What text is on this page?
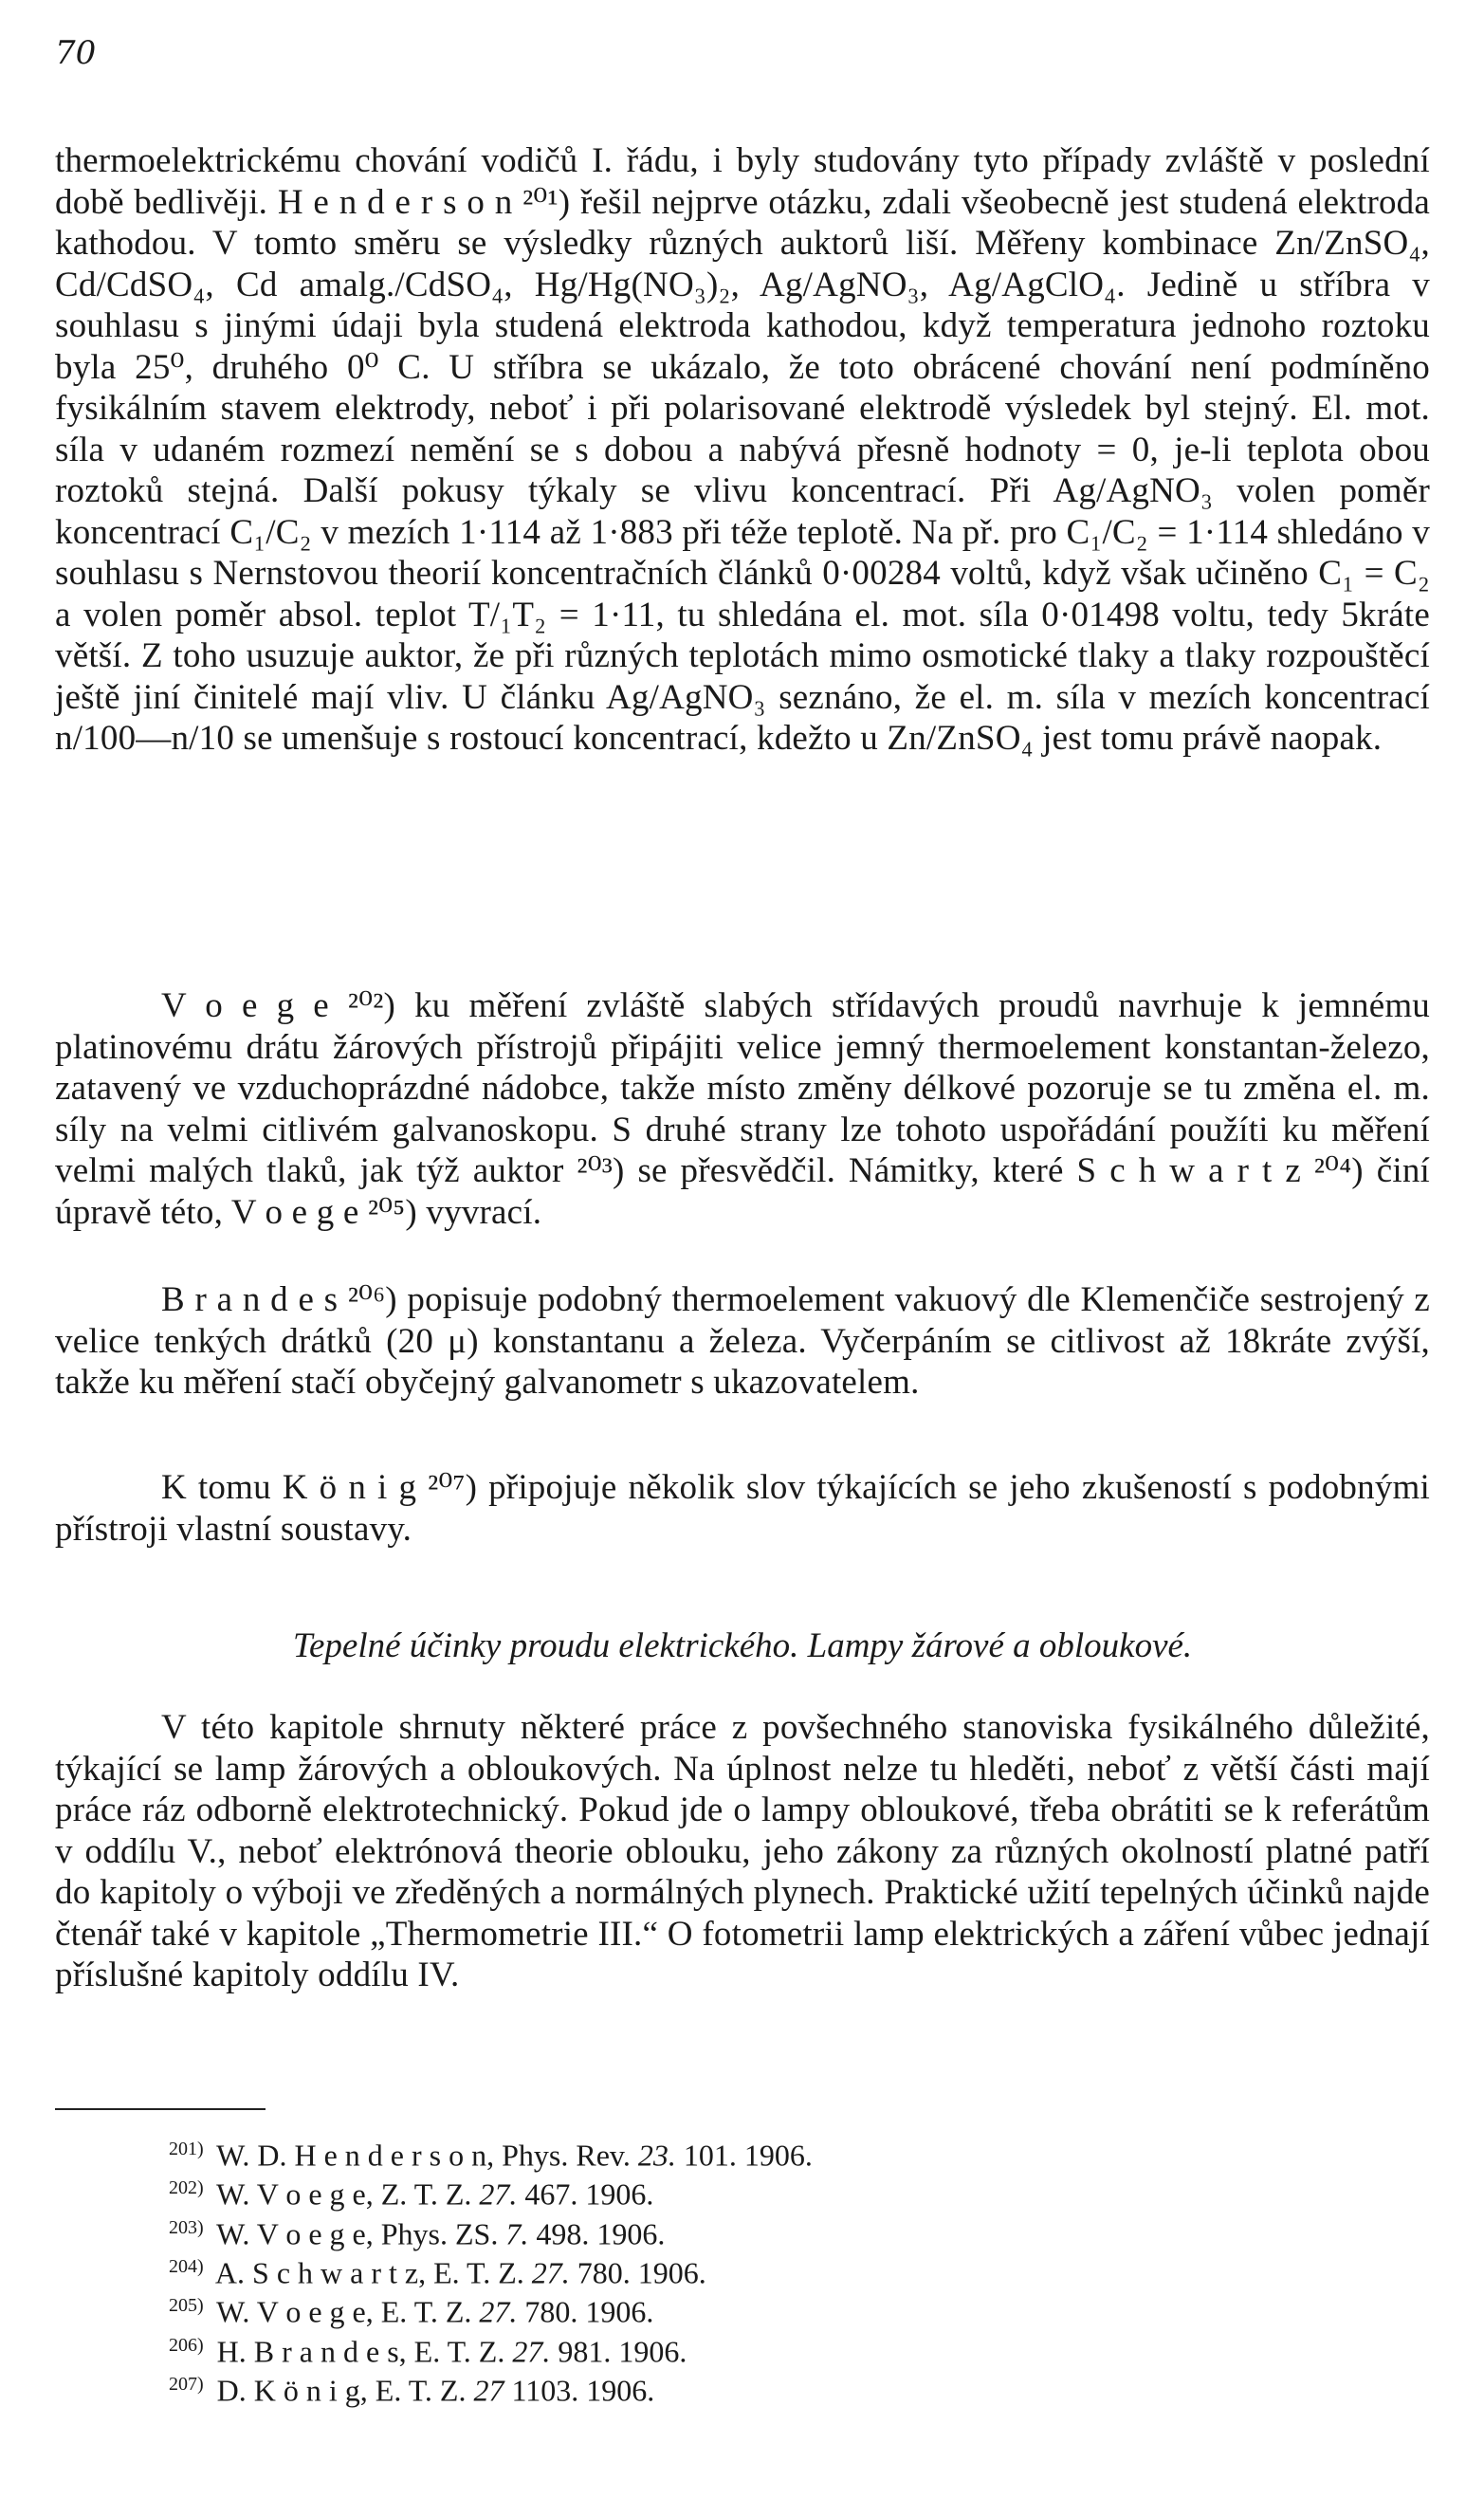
70

thermoelektrickému chování vodičů I. řádu, i byly studovány tyto případy zvláště v poslední době bedlivěji. H e n d e r s o n ²⁰¹) řešil nejprve otázku, zdali všeobecně jest studená elektroda kathodou. V tomto směru se výsledky různých auktorů liší. Měřeny kombinace Zn/ZnSO₄, Cd/CdSO₄, Cd amalg./CdSO₄, Hg/Hg(NO₃)₂, Ag/AgNO₃, Ag/AgClO₄. Jedině u stříbra v souhlasu s jinými údaji byla studená elektroda kathodou, když temperatura jednoho roztoku byla 25⁰, druhého 0⁰ C. U stříbra se ukázalo, že toto obrácené chování není podmíněno fysikálním stavem elektrody, neboť i při polarisované elektrodě výsledek byl stejný. El. mot. síla v udaném rozmezí nemění se s dobou a nabývá přesně hodnoty = 0, je-li teplota obou roztoků stejná. Další pokusy týkaly se vlivu koncentrací. Při Ag/AgNO₃ volen poměr koncentrací C₁/C₂ v mezích 1·114 až 1·883 při téže teplotě. Na př. pro C₁/C₂ = 1·114 shledáno v souhlasu s Nernstovou theorií koncentračních článků 0·00284 voltů, když však učiněno C₁ = C₂ a volen poměr absol. teplot T/₁T₂ = 1·11, tu shledána el. mot. síla 0·01498 voltu, tedy 5kráte větší. Z toho usuzuje auktor, že při různých teplotách mimo osmotické tlaky a tlaky rozpouštěcí ještě jiní činitelé mají vliv. U článku Ag/AgNO₃ seznáno, že el. m. síla v mezích koncentrací n/100—n/10 se umenšuje s rostoucí koncentrací, kdežto u Zn/ZnSO₄ jest tomu právě naopak.

V o e g e ²⁰²) ku měření zvláště slabých střídavých proudů navrhuje k jemnému platinovému drátu žárových přístrojů připájiti velice jemný thermoelement konstantan-železo, zatavený ve vzduchoprázdné nádobce, takže místo změny délkové pozoruje se tu změna el. m. síly na velmi citlivém galvanoskopu. S druhé strany lze tohoto uspořádání použíti ku měření velmi malých tlaků, jak týž auktor ²⁰³) se přesvědčil. Námitky, které S c h w a r t z ²⁰⁴) činí úpravě této, V o e g e ²⁰⁵) vyvrací.

B r a n d e s ²⁰⁶) popisuje podobný thermoelement vakuový dle Klemenčiče sestrojený z velice tenkých drátků (20 μ) konstantanu a železa. Vyčerpáním se citlivost až 18kráte zvýší, takže ku měření stačí obyčejný galvanometr s ukazovatelem.

K tomu K ö n i g ²⁰⁷) připojuje několik slov týkajících se jeho zkušeností s podobnými přístroji vlastní soustavy.

Tepelné účinky proudu elektrického. Lampy žárové a obloukové.

V této kapitole shrnuty některé práce z povšechného stanoviska fysikálného důležité, týkající se lamp žárových a obloukových. Na úplnost nelze tu hleděti, neboť z větší části mají práce ráz odborně elektrotechnický. Pokud jde o lampy obloukové, třeba obrátiti se k referátům v oddílu V., neboť elektrónová theorie oblouku, jeho zákony za různých okolností platné patří do kapitoly o výboji ve zředěných a normálných plynech. Praktické užití tepelných účinků najde čtenář také v kapitole „Thermometrie III.“ O fotometrii lamp elektrických a záření vůbec jednají příslušné kapitoly oddílu IV.

$^{201)}$ W. D. H e n d e r s o n, Phys. Rev. 23. 101. 1906.
$^{202)}$ W. V o e g e, Z. T. Z. 27. 467. 1906.
$^{203)}$ W. V o e g e, Phys. ZS. 7. 498. 1906.
$^{204)}$ A. S c h w a r t z, E. T. Z. 27. 780. 1906.
$^{205)}$ W. V o e g e, E. T. Z. 27. 780. 1906.
$^{206)}$ H. B r a n d e s, E. T. Z. 27. 981. 1906.
$^{207)}$ D. K ö n i g, E. T. Z. 27 1103. 1906.
